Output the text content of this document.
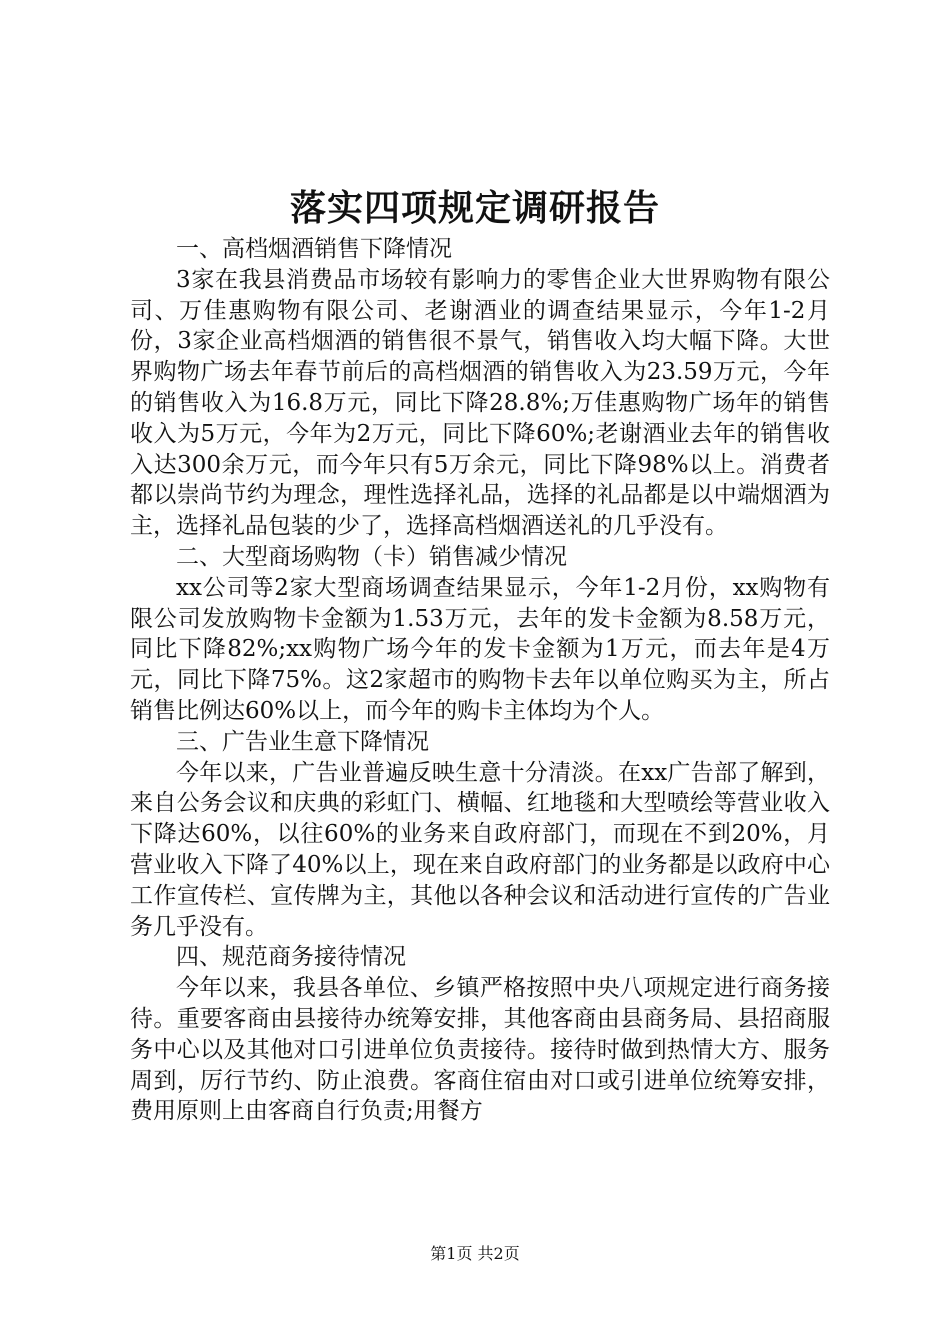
落实四项规定调研报告

一、高档烟酒销售下降情况

3家在我县消费品市场较有影响力的零售企业大世界购物有限公司、万佳惠购物有限公司、老谢酒业的调查结果显示，今年1-2月份，3家企业高档烟酒的销售很不景气，销售收入均大幅下降。大世界购物广场去年春节前后的高档烟酒的销售收入为23.59万元，今年的销售收入为16.8万元，同比下降28.8%;万佳惠购物广场年的销售收入为5万元，今年为2万元，同比下降60%;老谢酒业去年的销售收入达300余万元，而今年只有5万余元，同比下降98%以上。消费者都以崇尚节约为理念，理性选择礼品，选择的礼品都是以中端烟酒为主，选择礼品包装的少了，选择高档烟酒送礼的几乎没有。

二、大型商场购物（卡）销售减少情况

xx公司等2家大型商场调查结果显示，今年1-2月份，xx购物有限公司发放购物卡金额为1.53万元，去年的发卡金额为8.58万元，同比下降82%;xx购物广场今年的发卡金额为1万元，而去年是4万元，同比下降75%。这2家超市的购物卡去年以单位购买为主，所占销售比例达60%以上，而今年的购卡主体均为个人。

三、广告业生意下降情况

今年以来，广告业普遍反映生意十分清淡。在xx广告部了解到，来自公务会议和庆典的彩虹门、横幅、红地毯和大型喷绘等营业收入下降达60%，以往60%的业务来自政府部门，而现在不到20%，月营业收入下降了40%以上，现在来自政府部门的业务都是以政府中心工作宣传栏、宣传牌为主，其他以各种会议和活动进行宣传的广告业务几乎没有。

四、规范商务接待情况

今年以来，我县各单位、乡镇严格按照中央八项规定进行商务接待。重要客商由县接待办统筹安排，其他客商由县商务局、县招商服务中心以及其他对口引进单位负责接待。接待时做到热情大方、服务周到，厉行节约、防止浪费。客商住宿由对口或引进单位统筹安排，费用原则上由客商自行负责;用餐方

第1页 共2页
